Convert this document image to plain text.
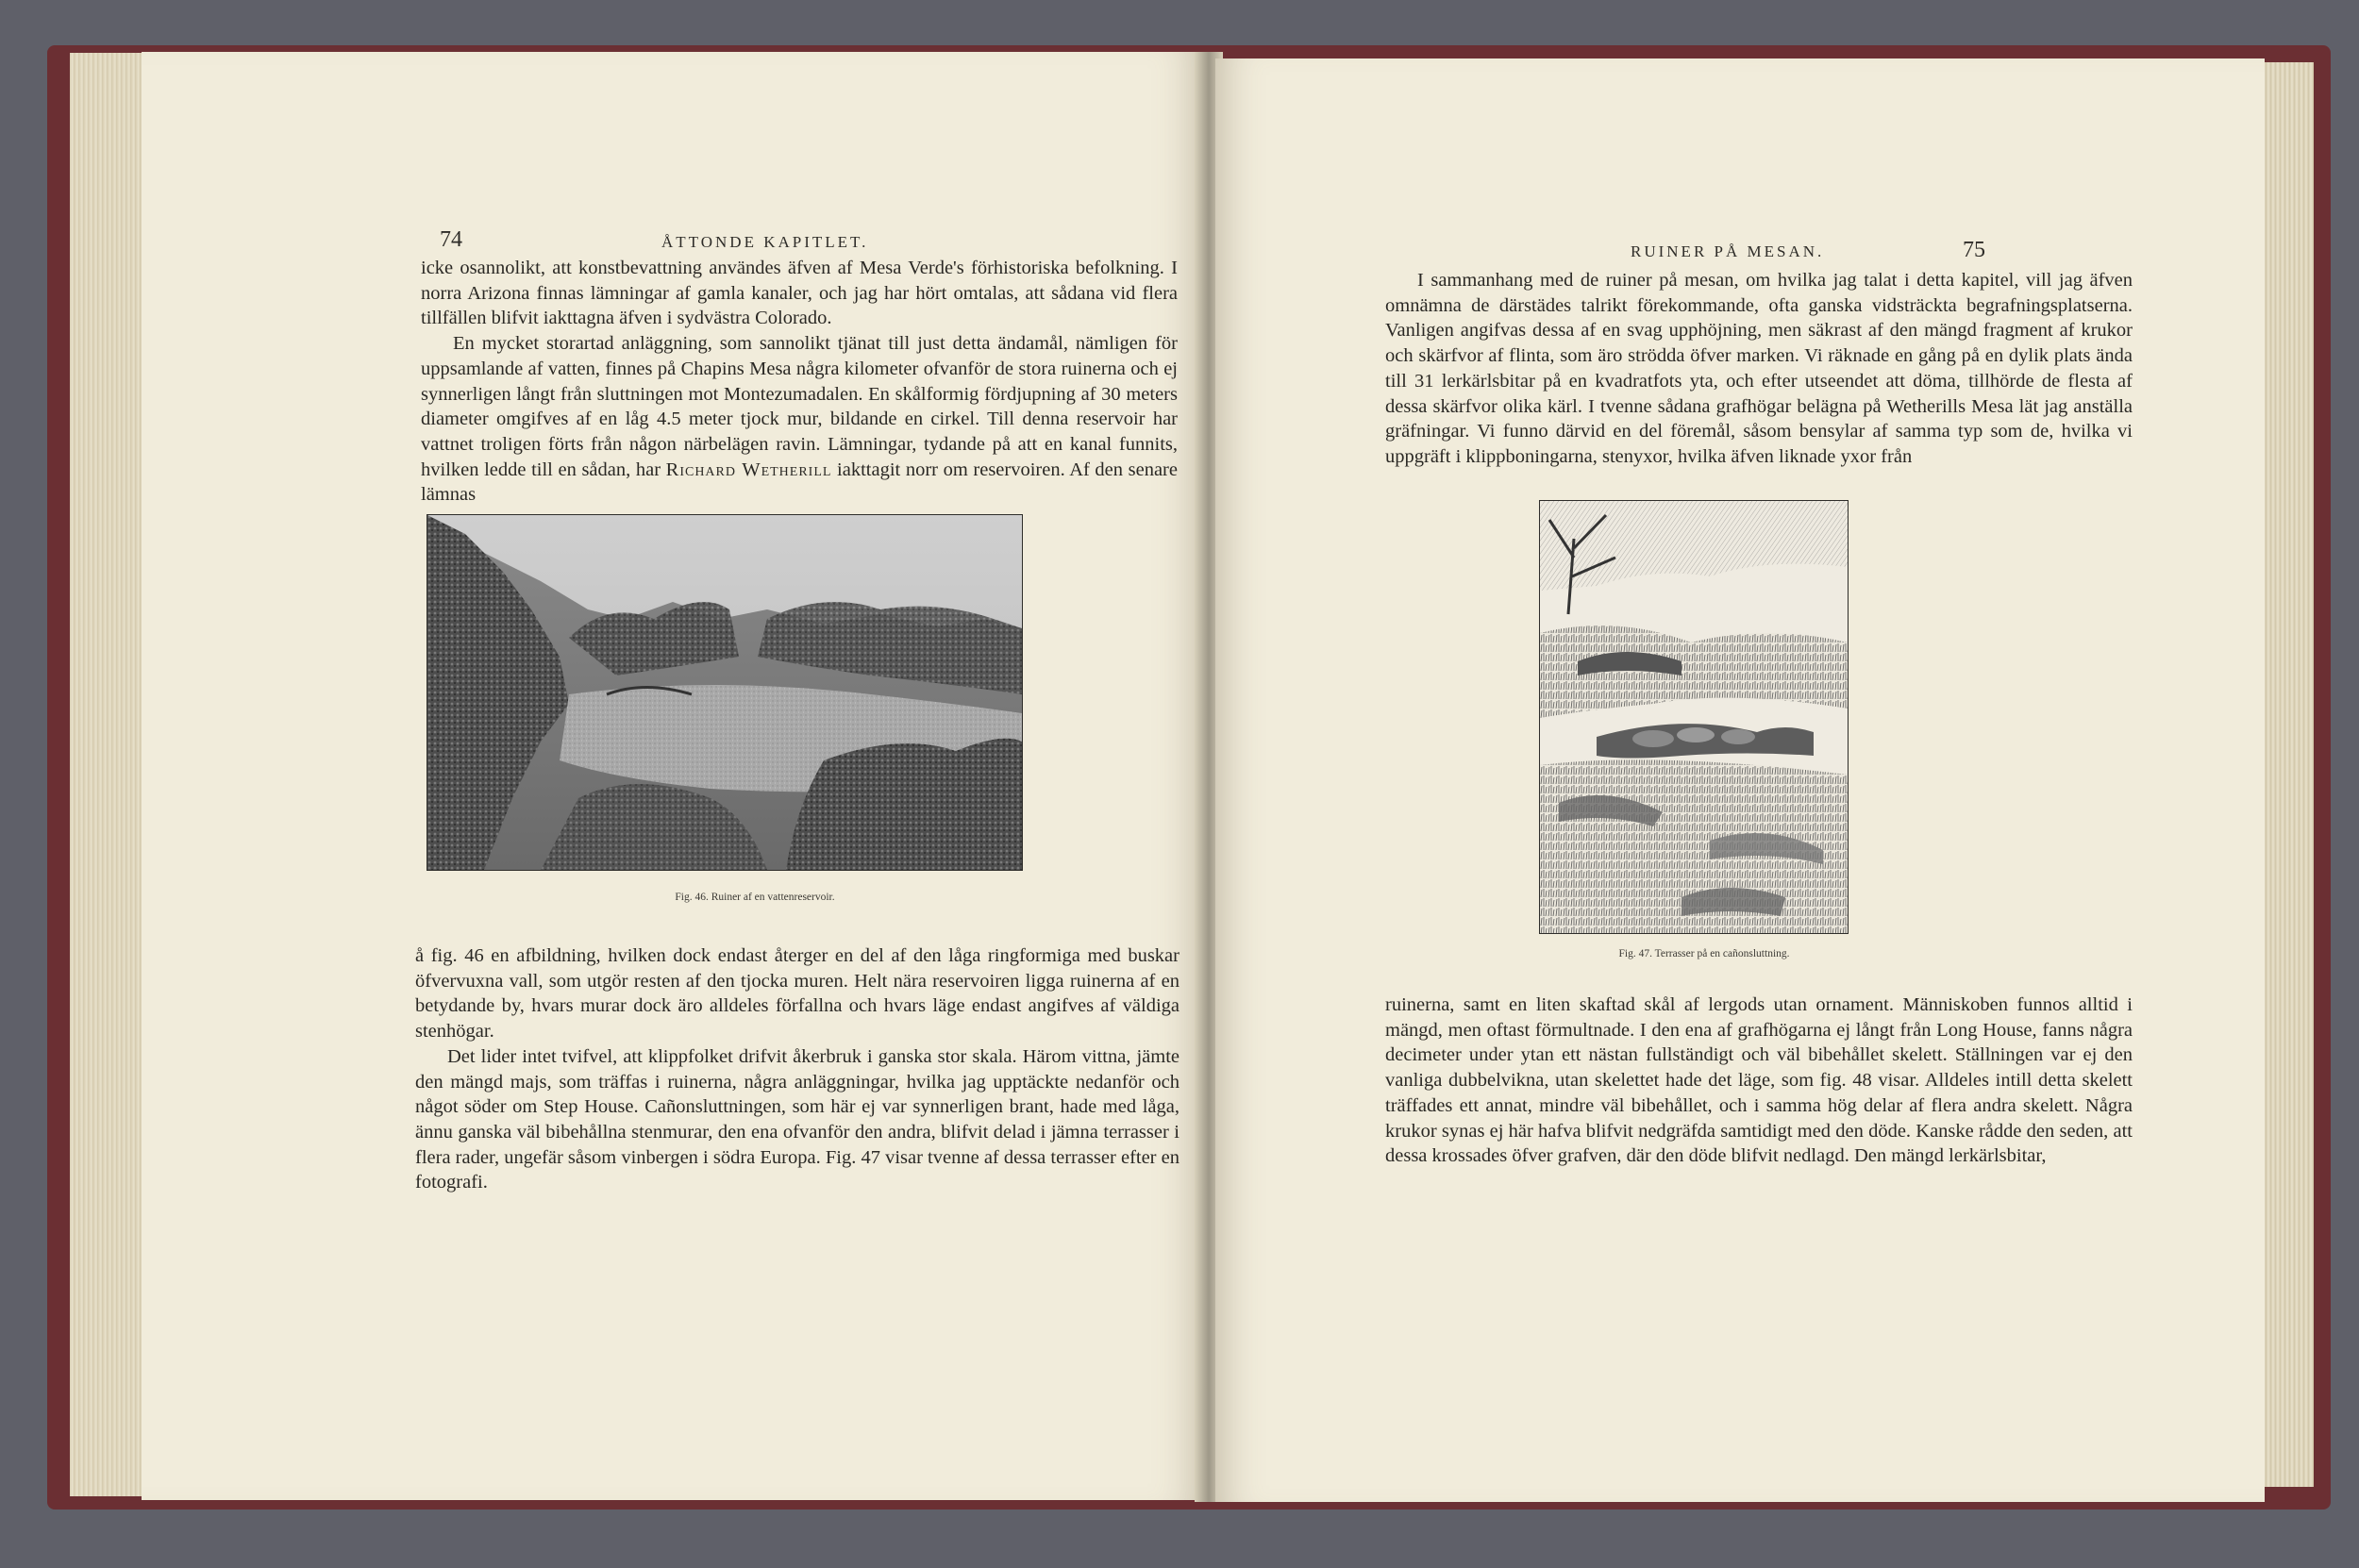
74	ÅTTONDE KAPITLET.

icke osannolikt, att konstbevattning användes äfven af Mesa Verde's förhistoriska befolkning. I norra Arizona finnas lämningar af gamla kanaler, och jag har hört omtalas, att sådana vid flera tillfällen blifvit iakttagna äfven i sydvästra Colorado.

En mycket storartad anläggning, som sannolikt tjänat till just detta ändamål, nämligen för uppsamlande af vatten, finnes på Chapins Mesa några kilometer ofvanför de stora ruinerna och ej synnerligen långt från sluttningen mot Montezumadalen. En skålformig fördjupning af 30 meters diameter omgifves af en låg 4.5 meter tjock mur, bildande en cirkel. Till denna reservoir har vattnet troligen förts från någon närbelägen ravin. Lämningar, tydande på att en kanal funnits, hvilken ledde till en sådan, har Richard Wetherill iakttagit norr om reservoiren. Af den senare lämnas

Fig. 46. Ruiner af en vattenreservoir.

å fig. 46 en afbildning, hvilken dock endast återger en del af den låga ringformiga med buskar öfvervuxna vall, som utgör resten af den tjocka muren. Helt nära reservoiren ligga ruinerna af en betydande by, hvars murar dock äro alldeles förfallna och hvars läge endast angifves af väldiga stenhögar.

Det lider intet tvifvel, att klippfolket drifvit åkerbruk i ganska stor skala. Härom vittna, jämte den mängd majs, som träffas i ruinerna, några anläggningar, hvilka jag upptäckte nedanför och något söder om Step House. Cañonsluttningen, som här ej var synnerligen brant, hade med låga, ännu ganska väl bibehållna stenmurar, den ena ofvanför den andra, blifvit delad i jämna terrasser i flera rader, ungefär såsom vinbergen i södra Europa. Fig. 47 visar tvenne af dessa terrasser efter en fotografi.

RUINER PÅ MESAN.	75

I sammanhang med de ruiner på mesan, om hvilka jag talat i detta kapitel, vill jag äfven omnämna de därstädes talrikt förekommande, ofta ganska vidsträckta begrafningsplatserna. Vanligen angifvas dessa af en svag upphöjning, men säkrast af den mängd fragment af krukor och skärfvor af flinta, som äro strödda öfver marken. Vi räknade en gång på en dylik plats ända till 31 lerkärlsbitar på en kvadratfots yta, och efter utseendet att döma, tillhörde de flesta af dessa skärfvor olika kärl. I tvenne sådana grafhögar belägna på Wetherills Mesa lät jag anställa gräfningar. Vi funno därvid en del föremål, såsom bensylar af samma typ som de, hvilka vi uppgräft i klippboningarna, stenyxor, hvilka äfven liknade yxor från

Fig. 47. Terrasser på en cañonsluttning.

ruinerna, samt en liten skaftad skål af lergods utan ornament. Människoben funnos alltid i mängd, men oftast förmultnade. I den ena af grafhögarna ej långt från Long House, fanns några decimeter under ytan ett nästan fullständigt och väl bibehållet skelett. Ställningen var ej den vanliga dubbelvikna, utan skelettet hade det läge, som fig. 48 visar. Alldeles intill detta skelett träffades ett annat, mindre väl bibehållet, och i samma hög delar af flera andra skelett. Några krukor synas ej här hafva blifvit nedgräfda samtidigt med den döde. Kanske rådde den seden, att dessa krossades öfver grafven, där den döde blifvit nedlagd. Den mängd lerkärlsbitar,
